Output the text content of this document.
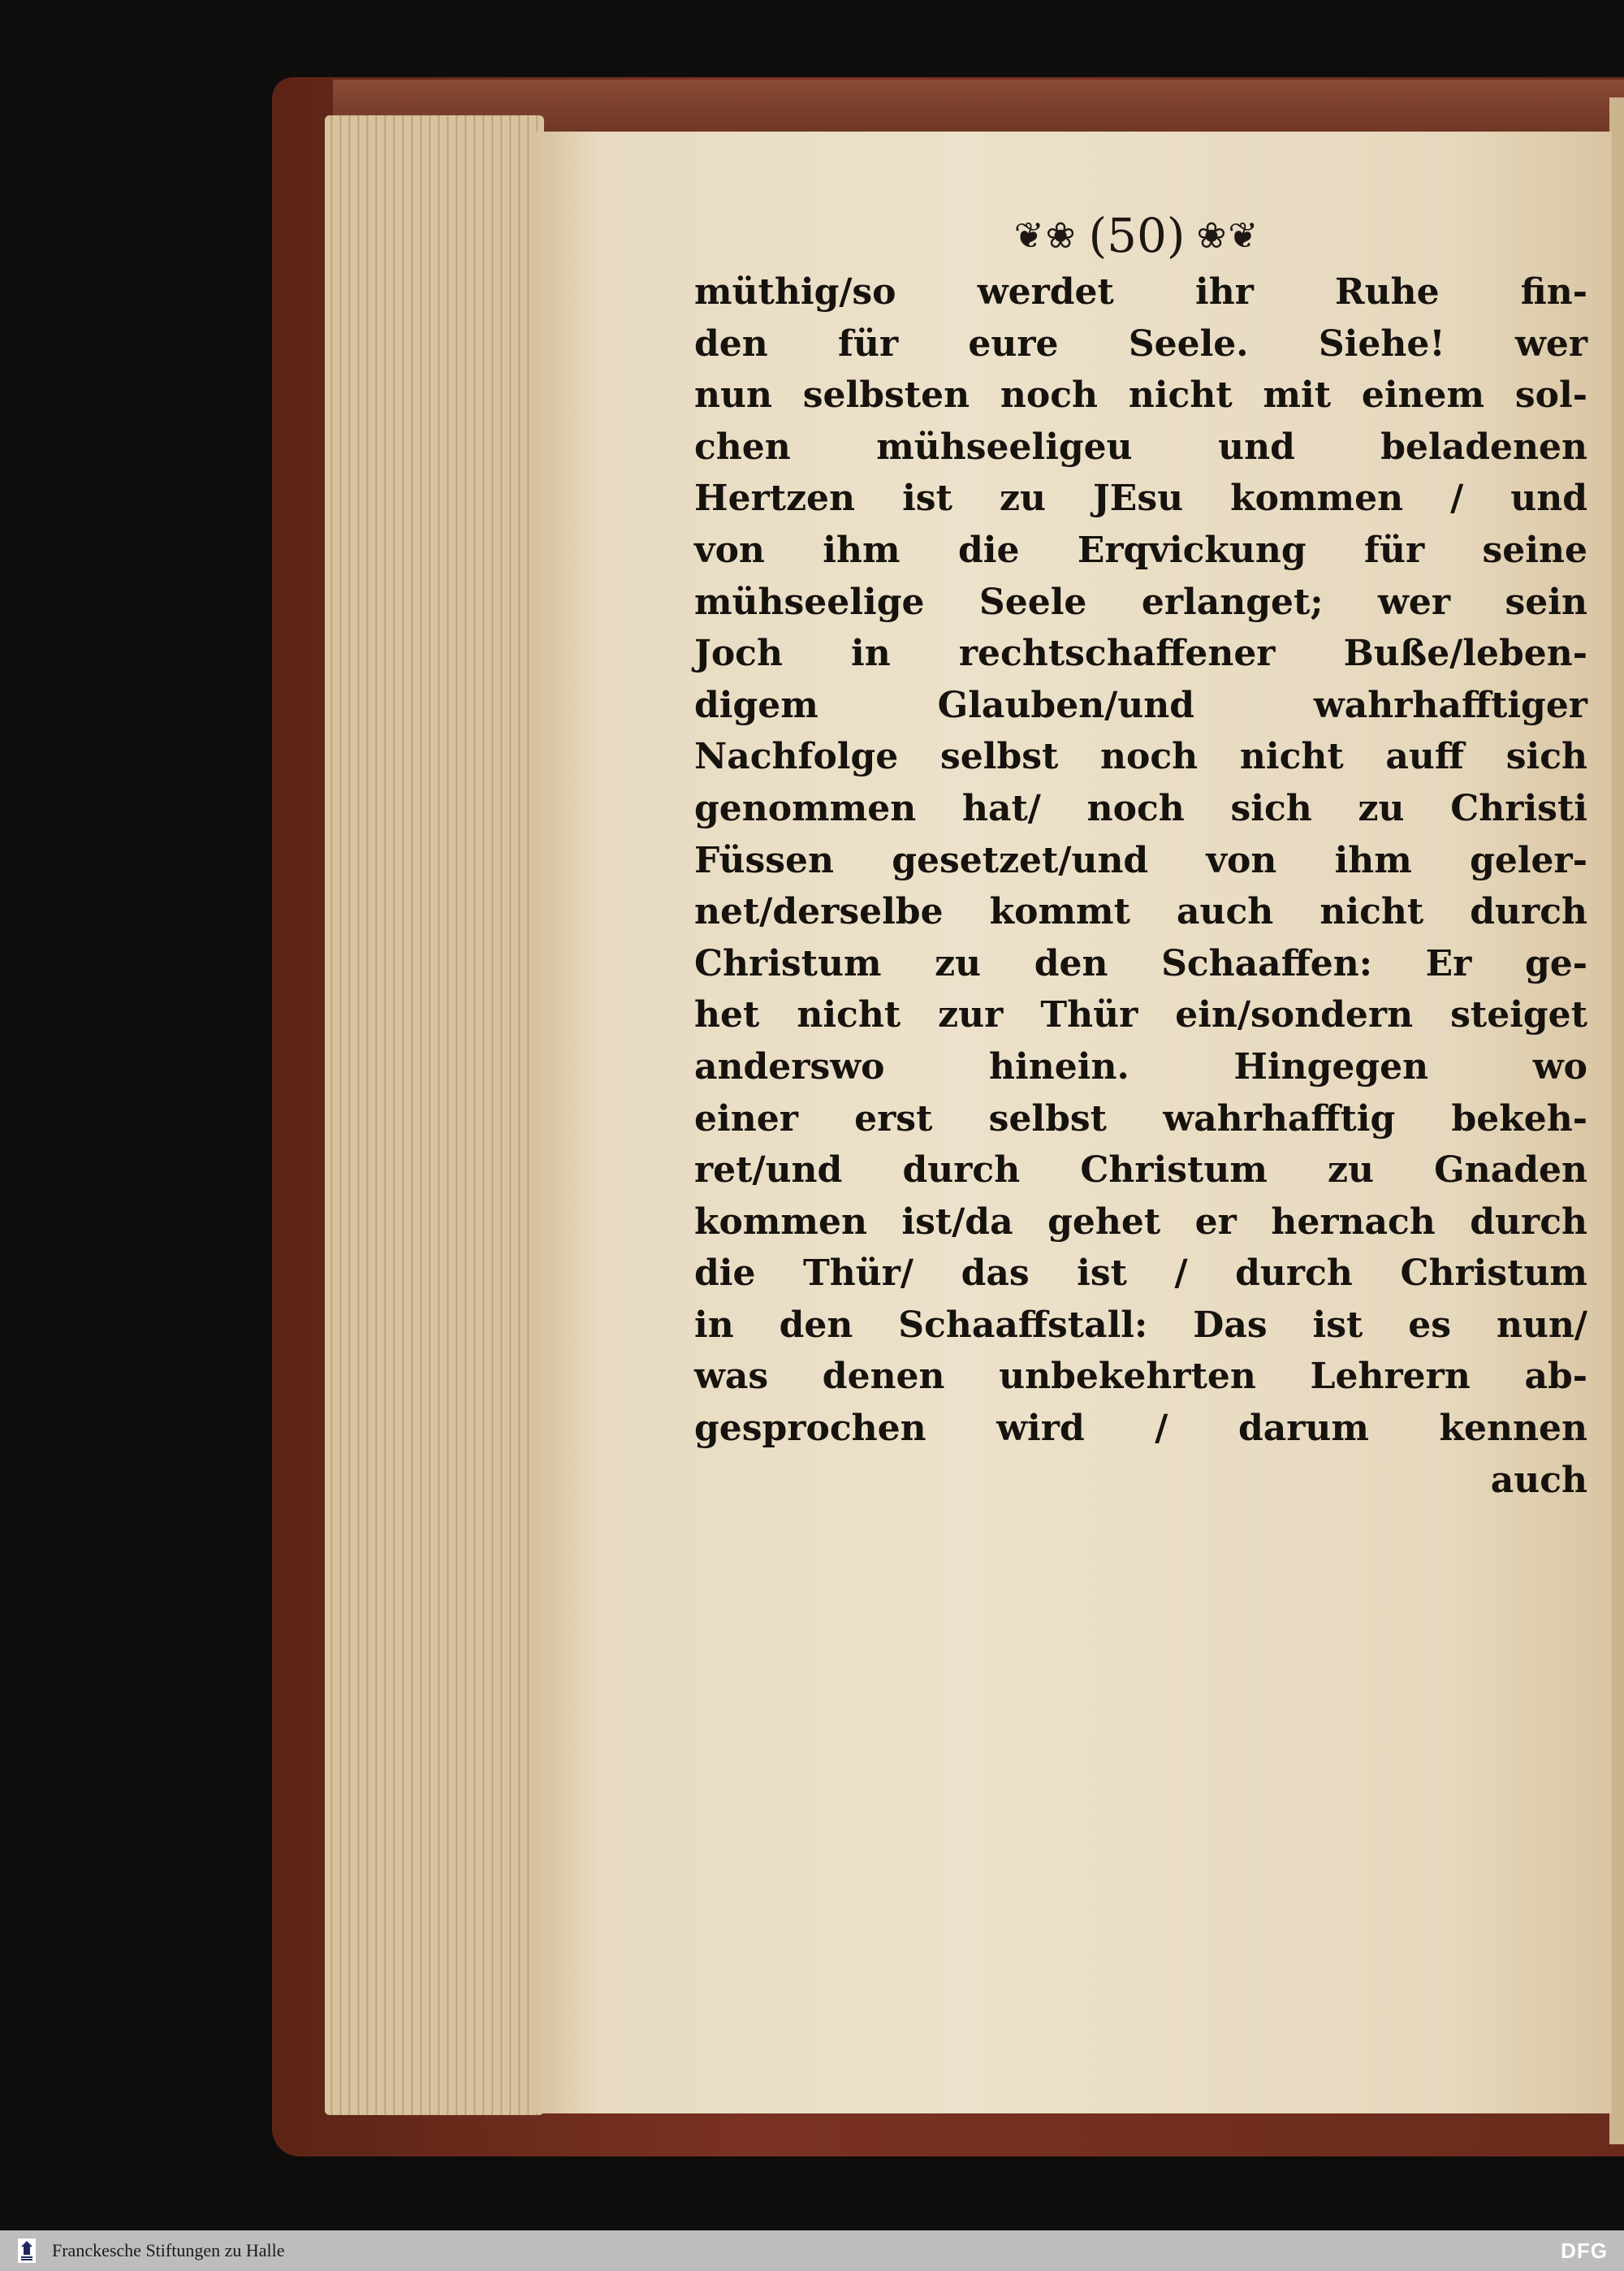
❦❀ (50) ❀❦
müthig/so werdet ihr Ruhe fin-
den für eure Seele. Siehe! wer
nun selbsten noch nicht mit einem sol-
chen mühseeligeu und beladenen
Hertzen ist zu JEsu kommen / und
von ihm die Erqvickung für seine
mühseelige Seele erlanget; wer sein
Joch in rechtschaffener Buße/leben-
digem Glauben/und wahrhafftiger
Nachfolge selbst noch nicht auff sich
genommen hat/ noch sich zu Christi
Füssen gesetzet/und von ihm geler-
net/derselbe kommt auch nicht durch
Christum zu den Schaaffen: Er ge-
het nicht zur Thür ein/sondern steiget
anderswo hinein. Hingegen wo
einer erst selbst wahrhafftig bekeh-
ret/und durch Christum zu Gnaden
kommen ist/da gehet er hernach durch
die Thür/ das ist / durch Christum
in den Schaaffstall: Das ist es nun/
was denen unbekehrten Lehrern ab-
gesprochen wird / darum kennen
auch
Franckesche Stiftungen zu Halle	DFG
